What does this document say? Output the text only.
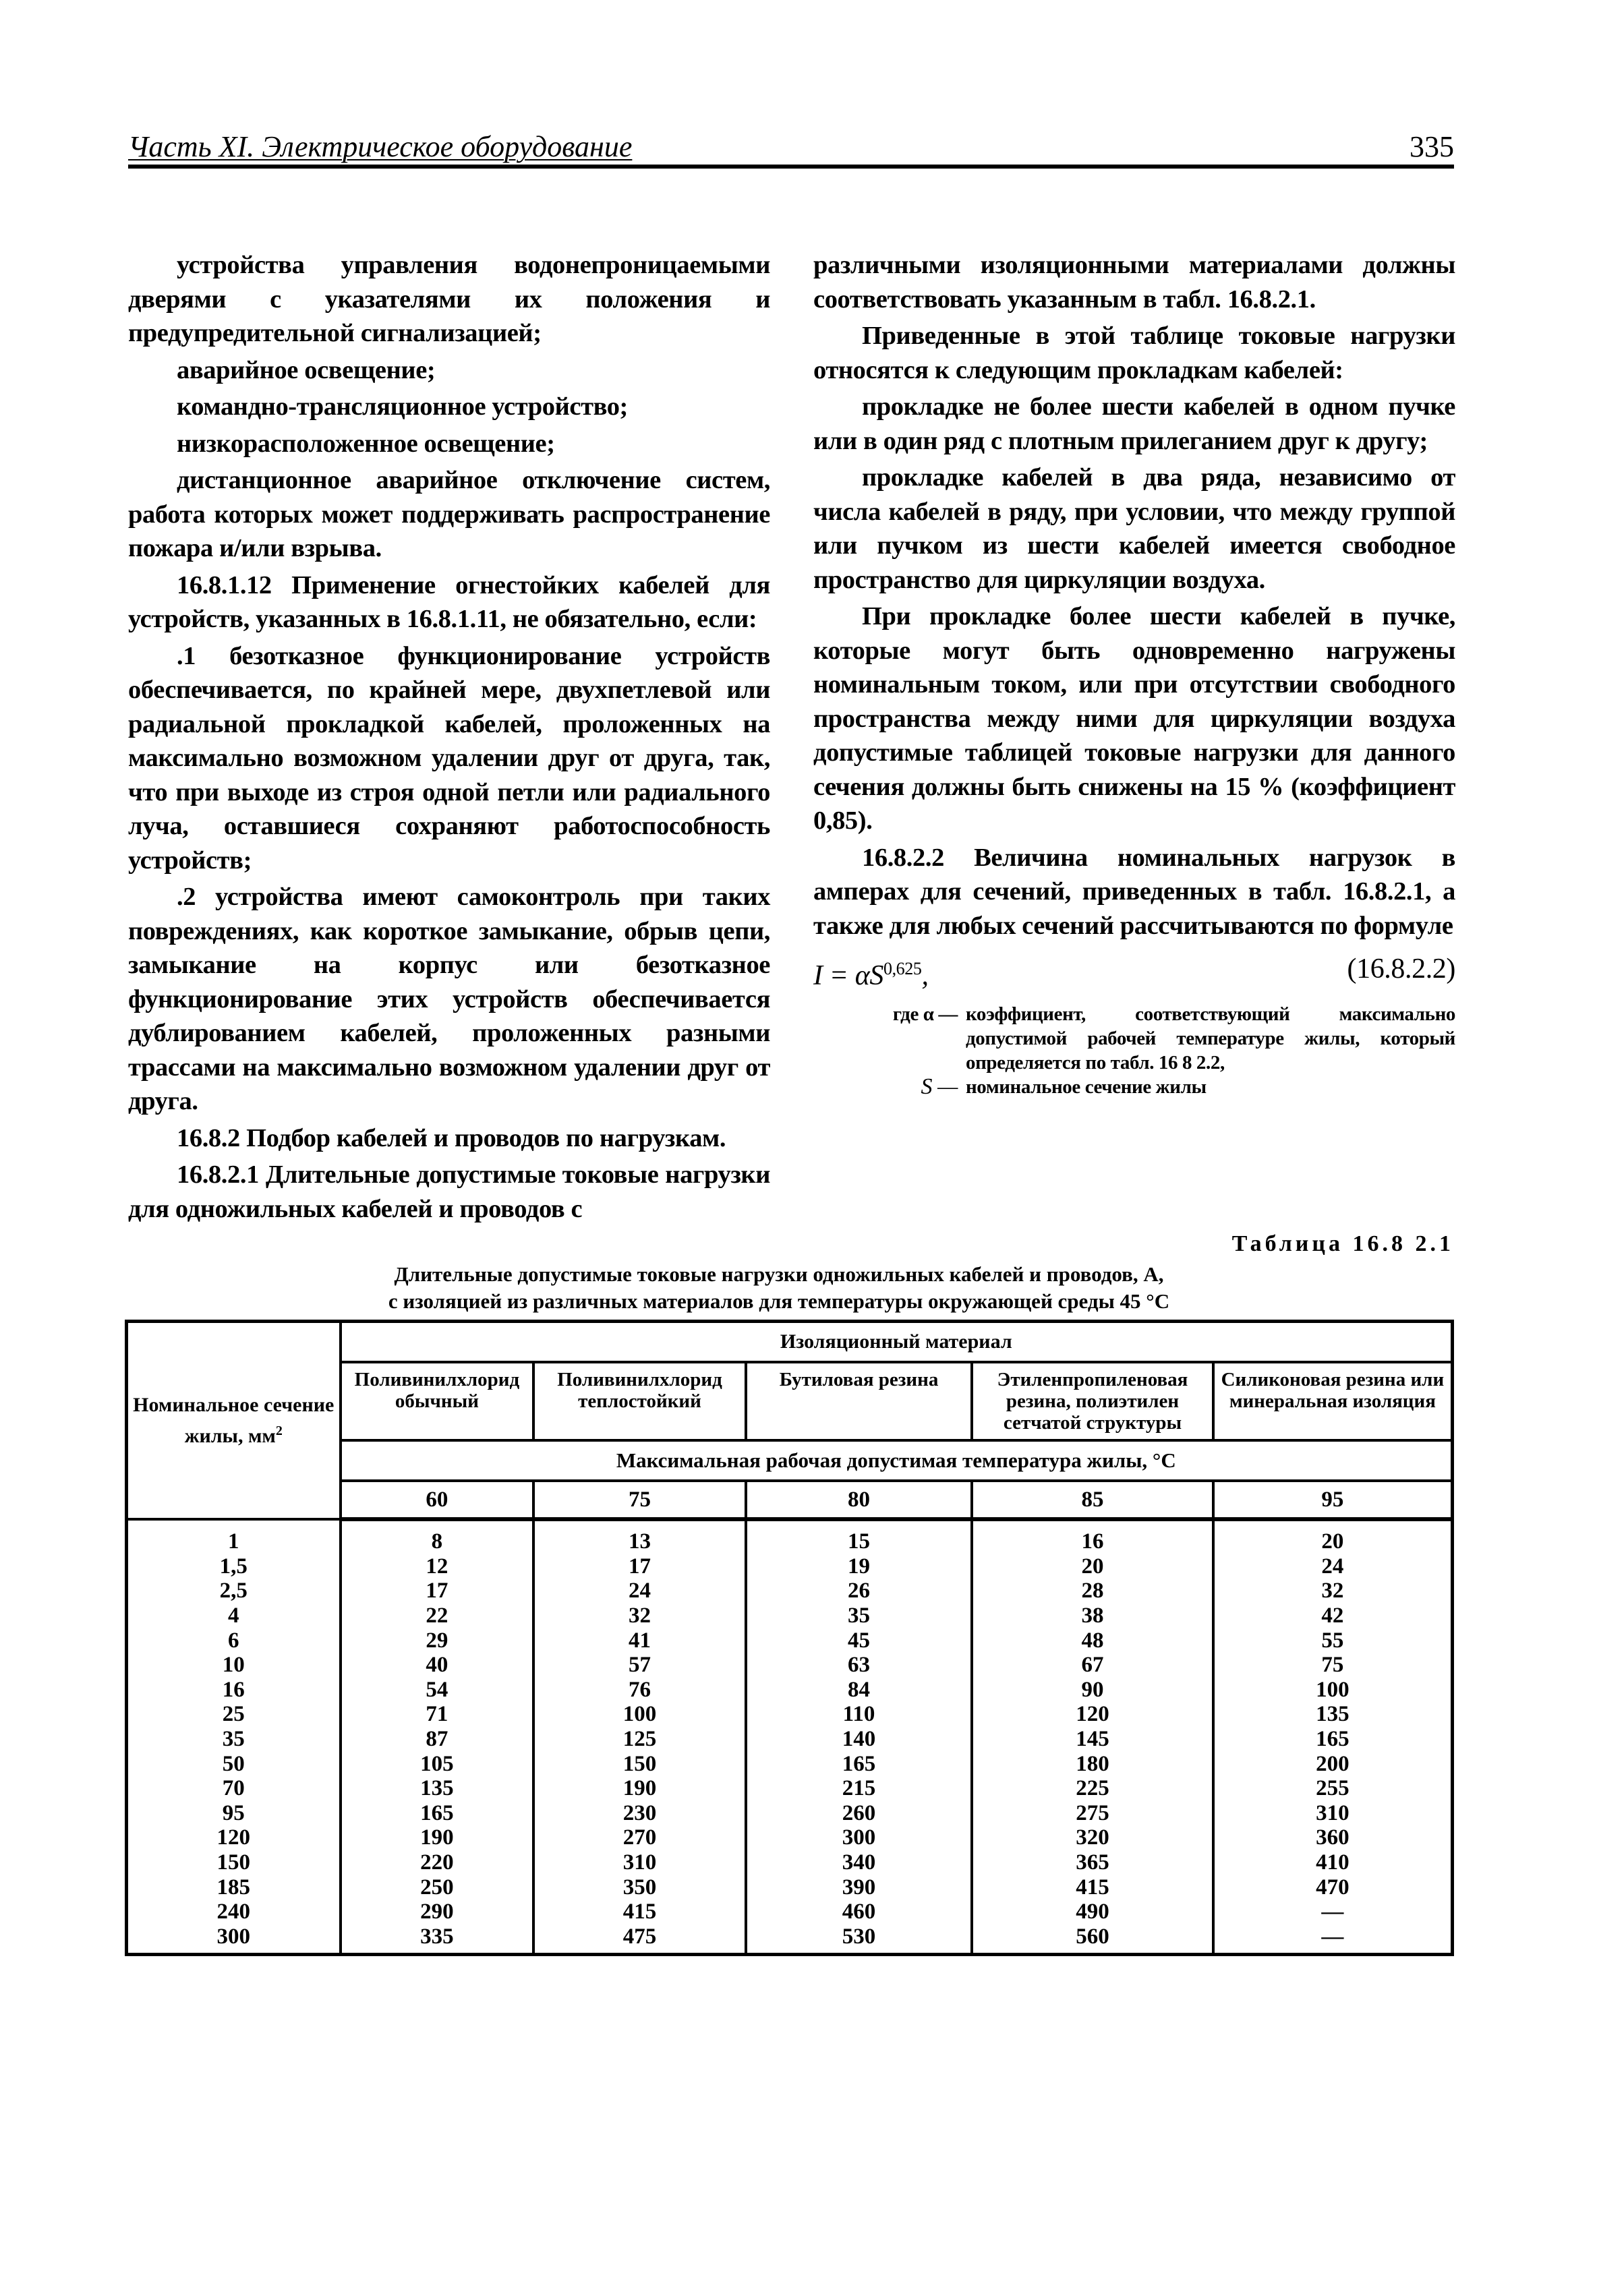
Часть XI. Электрическое оборудование	335

устройства управления водонепроницаемыми дверями с указателями их положения и предупредительной сигнализацией;

аварийное освещение;

командно-трансляционное устройство;

низкорасположенное освещение;

дистанционное аварийное отключение систем, работа которых может поддерживать распространение пожара и/или взрыва.

16.8.1.12 Применение огнестойких кабелей для устройств, указанных в 16.8.1.11, не обязательно, если:

.1 безотказное функционирование устройств обеспечивается, по крайней мере, двухпетлевой или радиальной прокладкой кабелей, проложенных на максимально возможном удалении друг от друга, так, что при выходе из строя одной петли или радиального луча, оставшиеся сохраняют работоспособность устройств;

.2 устройства имеют самоконтроль при таких повреждениях, как короткое замыкание, обрыв цепи, замыкание на корпус или безотказное функционирование этих устройств обеспечивается дублированием кабелей, проложенных разными трассами на максимально возможном удалении друг от друга.

16.8.2 Подбор кабелей и проводов по нагрузкам.

16.8.2.1 Длительные допустимые токовые нагрузки для одножильных кабелей и проводов с

различными изоляционными материалами должны соответствовать указанным в табл. 16.8.2.1.

Приведенные в этой таблице токовые нагрузки относятся к следующим прокладкам кабелей:

прокладке не более шести кабелей в одном пучке или в один ряд с плотным прилеганием друг к другу;

прокладке кабелей в два ряда, независимо от числа кабелей в ряду, при условии, что между группой или пучком из шести кабелей имеется свободное пространство для циркуляции воздуха.

При прокладке более шести кабелей в пучке, которые могут быть одновременно нагружены номинальным током, или при отсутствии свободного пространства между ними для циркуляции воздуха допустимые таблицей токовые нагрузки для данного сечения должны быть снижены на 15 % (коэффициент 0,85).

16.8.2.2 Величина номинальных нагрузок в амперах для сечений, приведенных в табл. 16.8.2.1, а также для любых сечений рассчитываются по формуле

I = αS$^{0,625}$,	(16.8.2.2)
где α — коэффициент, соответствующий максимально допустимой рабочей температуре жилы, который определяется по табл. 16 8 2.2,
S — номинальное сечение жилы
Таблица 16.8 2.1
Длительные допустимые токовые нагрузки одножильных кабелей и проводов, А,
с изоляцией из различных материалов для температуры окружающей среды 45 °C
Номинальное сечение жилы, $мм^2$	Изоляционный материал				
	Поливинилхлорид обычный	Поливинилхлорид теплостойкий	Бутиловая резина	Этиленпропиленовая резина, полиэтилен сетчатой структуры	Силиконовая резина или минеральная изоляция
	Максимальная рабочая допустимая температура жилы, °C				
	60	75	80	85	95
1	8	13	15	16	20
1,5	12	17	19	20	24
2,5	17	24	26	28	32
4	22	32	35	38	42
6	29	41	45	48	55
10	40	57	63	67	75
16	54	76	84	90	100
25	71	100	110	120	135
35	87	125	140	145	165
50	105	150	165	180	200
70	135	190	215	225	255
95	165	230	260	275	310
120	190	270	300	320	360
150	220	310	340	365	410
185	250	350	390	415	470
240	290	415	460	490	—
300	335	475	530	560	—
